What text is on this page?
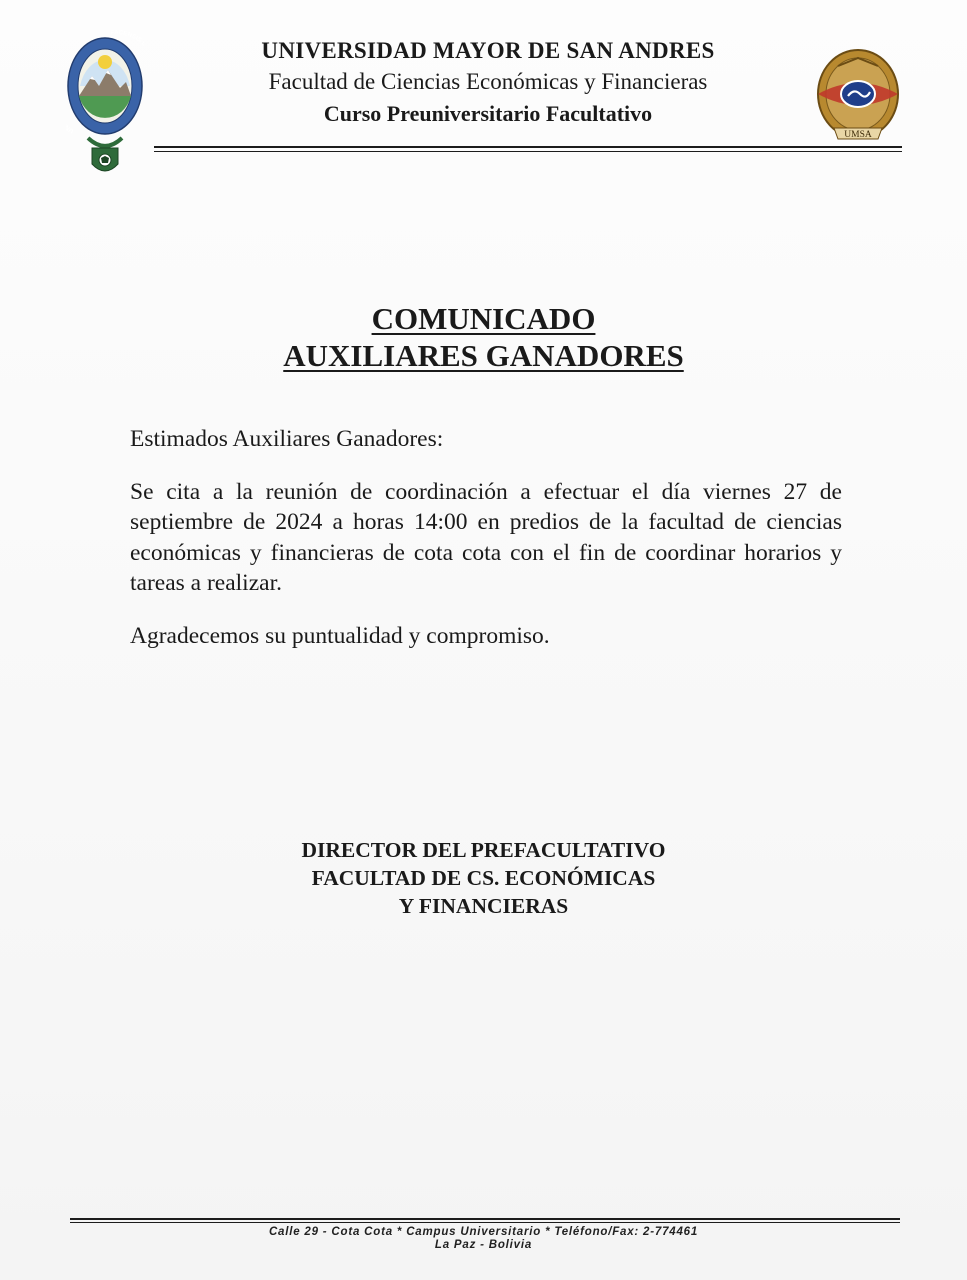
U
FACENSIS	UNIVERSIDAD MAYOR DE SAN ANDRES
Facultad de Ciencias Económicas y Financieras
Curso Preuniversitario Facultativo
UMSA
COMUNICADO
AUXILIARES GANADORES

Estimados Auxiliares Ganadores:

Se cita a la reunión de coordinación a efectuar el día viernes 27 de septiembre de 2024 a horas 14:00 en predios de la facultad de ciencias económicas y financieras de cota cota con el fin de coordinar horarios y tareas a realizar.

Agradecemos su puntualidad y compromiso.

DIRECTOR DEL PREFACULTATIVO
FACULTAD DE CS. ECONÓMICAS
Y FINANCIERAS
Calle 29 - Cota Cota * Campus Universitario * Teléfono/Fax: 2-774461
La Paz - Bolivia
